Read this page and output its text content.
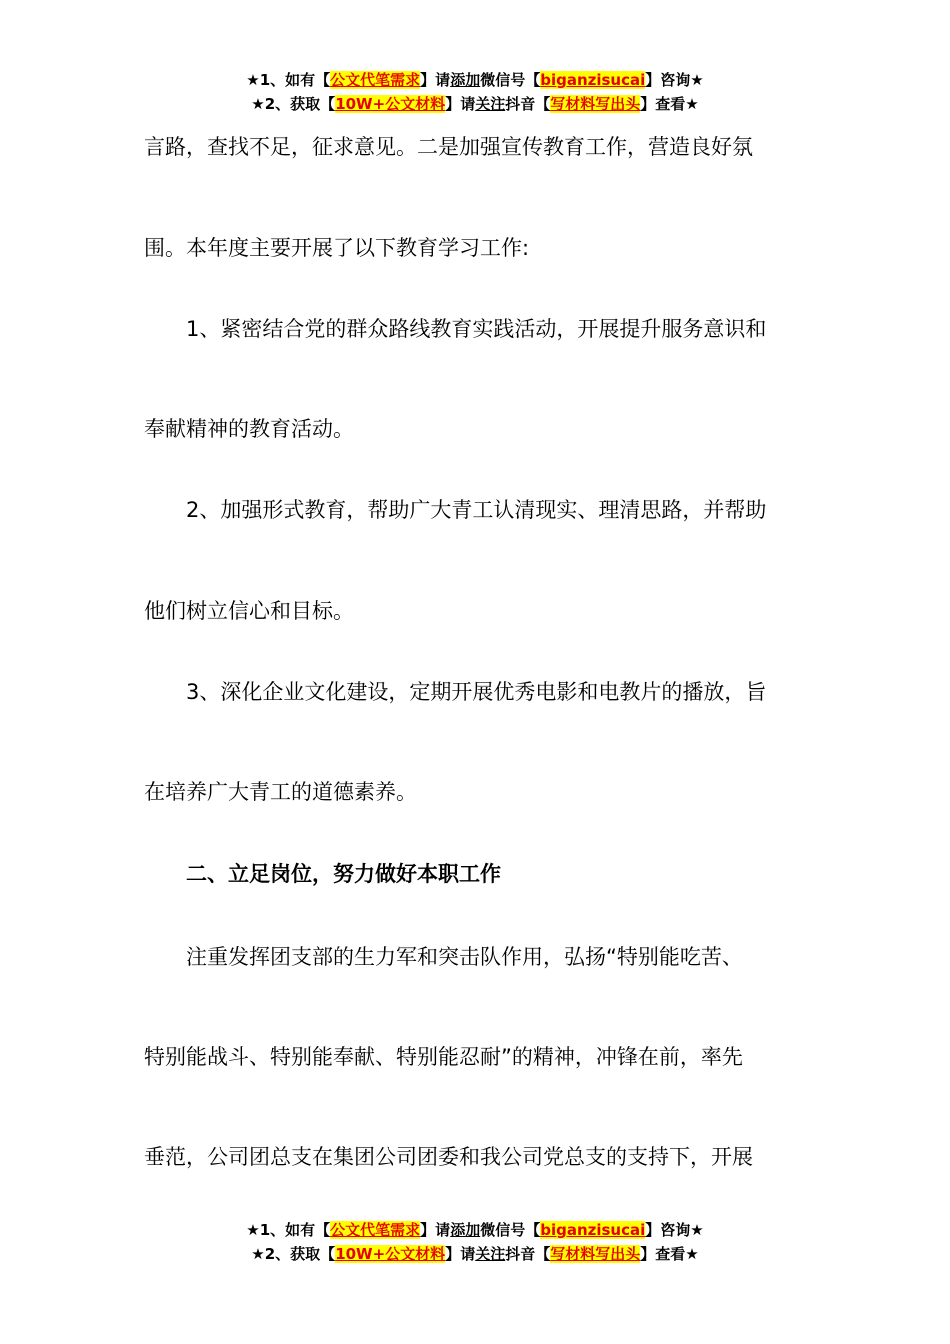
★1、如有【公文代笔需求】请添加微信号【biganzisucai】咨询★
★2、获取【10W+公文材料】请关注抖音【写材料写出头】查看★
言路，查找不足，征求意见。二是加强宣传教育工作，营造良好氛
围。本年度主要开展了以下教育学习工作:
　　1、紧密结合党的群众路线教育实践活动，开展提升服务意识和
奉献精神的教育活动。
　　2、加强形式教育，帮助广大青工认清现实、理清思路，并帮助
他们树立信心和目标。
　　3、深化企业文化建设，定期开展优秀电影和电教片的播放，旨
在培养广大青工的道德素养。
　　二、立足岗位，努力做好本职工作
　　注重发挥团支部的生力军和突击队作用，弘扬“特别能吃苦、
特别能战斗、特别能奉献、特别能忍耐”的精神，冲锋在前，率先
垂范，公司团总支在集团公司团委和我公司党总支的支持下，开展
★1、如有【公文代笔需求】请添加微信号【biganzisucai】咨询★
★2、获取【10W+公文材料】请关注抖音【写材料写出头】查看★
